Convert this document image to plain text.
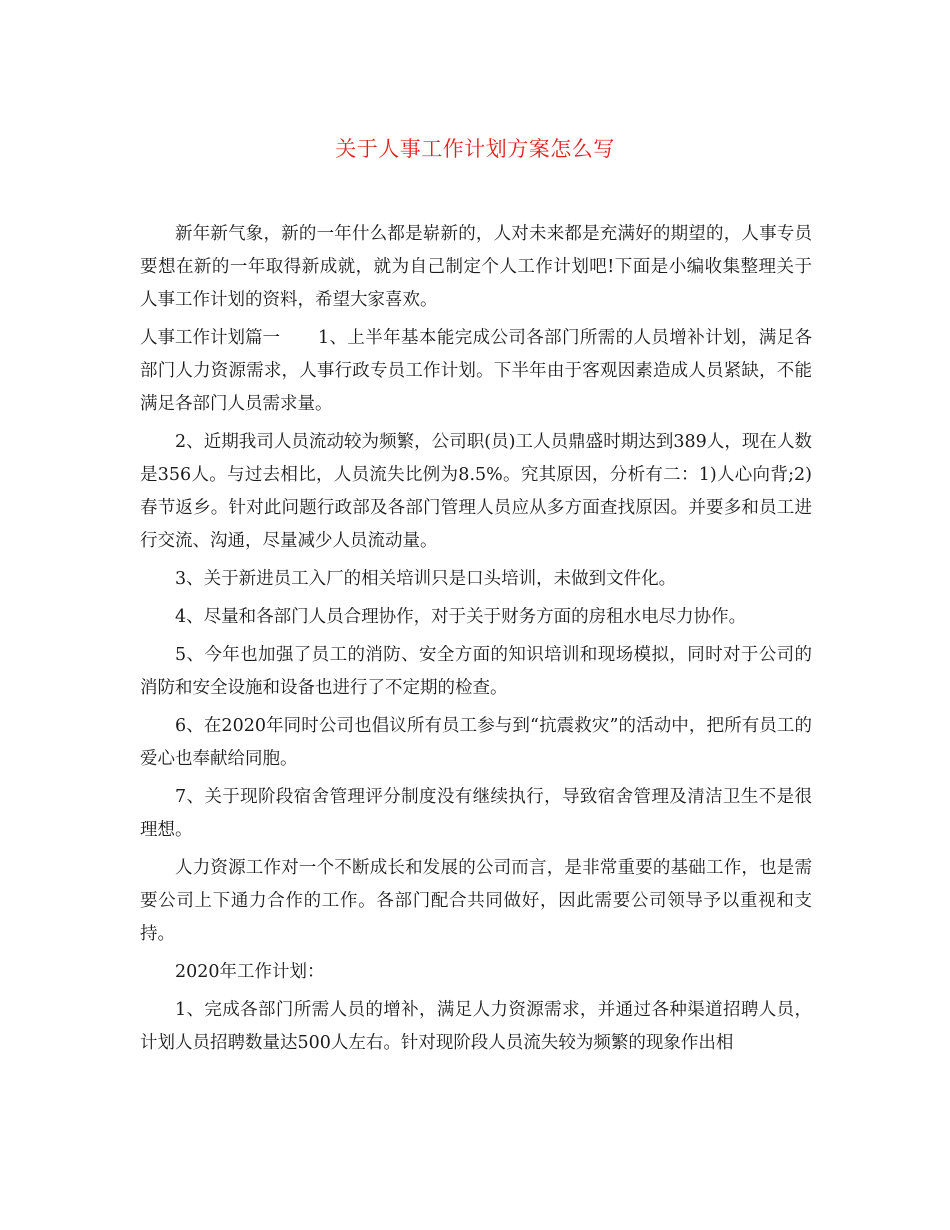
关于人事工作计划方案怎么写

新年新气象，新的一年什么都是崭新的，人对未来都是充满好的期望的，人事专员要想在新的一年取得新成就，就为自己制定个人工作计划吧!下面是小编收集整理关于人事工作计划的资料，希望大家喜欢。

人事工作计划篇一 1、上半年基本能完成公司各部门所需的人员增补计划，满足各部门人力资源需求，人事行政专员工作计划。下半年由于客观因素造成人员紧缺，不能满足各部门人员需求量。

2、近期我司人员流动较为频繁，公司职(员)工人员鼎盛时期达到389人，现在人数是356人。与过去相比，人员流失比例为8.5%。究其原因，分析有二：1)人心向背;2)春节返乡。针对此问题行政部及各部门管理人员应从多方面查找原因。并要多和员工进行交流、沟通，尽量减少人员流动量。

3、关于新进员工入厂的相关培训只是口头培训，未做到文件化。

4、尽量和各部门人员合理协作，对于关于财务方面的房租水电尽力协作。

5、今年也加强了员工的消防、安全方面的知识培训和现场模拟，同时对于公司的消防和安全设施和设备也进行了不定期的检查。

6、在2020年同时公司也倡议所有员工参与到“抗震救灾”的活动中，把所有员工的爱心也奉献给同胞。

7、关于现阶段宿舍管理评分制度没有继续执行，导致宿舍管理及清洁卫生不是很理想。

人力资源工作对一个不断成长和发展的公司而言，是非常重要的基础工作，也是需要公司上下通力合作的工作。各部门配合共同做好，因此需要公司领导予以重视和支持。

2020年工作计划：

1、完成各部门所需人员的增补，满足人力资源需求，并通过各种渠道招聘人员，计划人员招聘数量达500人左右。针对现阶段人员流失较为频繁的现象作出相
